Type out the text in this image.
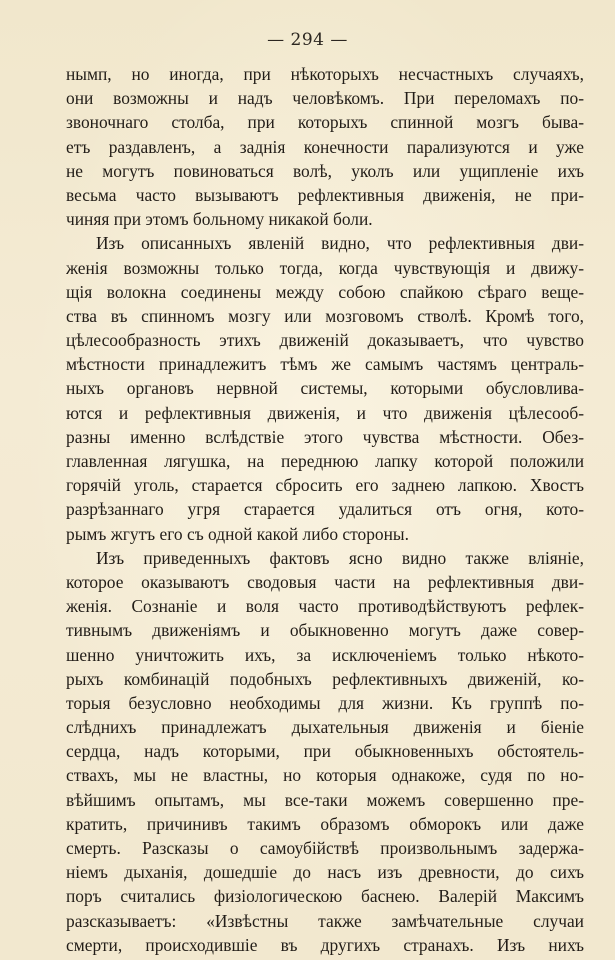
— 294 —
нымп, но иногда, при нѣкоторыхъ несчастныхъ случаяхъ,
они возможны и надъ человѣкомъ. При переломахъ по-
звоночнаго столба, при которыхъ спинной мозгъ быва-
етъ раздавленъ, а заднія конечности парализуются и уже
не могутъ повиноваться волѣ, уколъ или ущипленіе ихъ
весьма часто вызываютъ рефлективныя движенія, не при-
чиняя при этомъ больному никакой боли.
Изъ описанныхъ явленій видно, что рефлективныя дви-
женія возможны только тогда, когда чувствующія и движу-
щія волокна соединены между собою спайкою сѣраго веще-
ства въ спинномъ мозгу или мозговомъ стволѣ. Кромѣ того,
цѣлесообразность этихъ движеній доказываетъ, что чувство
мѣстности принадлежитъ тѣмъ же самымъ частямъ централь-
ныхъ органовъ нервной системы, которыми обусловлива-
ются и рефлективныя движенія, и что движенія цѣлесооб-
разны именно вслѣдствіе этого чувства мѣстности. Обез-
главленная лягушка, на переднюю лапку которой положили
горячій уголь, старается сбросить его заднею лапкою. Хвостъ
разрѣзаннаго угря старается удалиться отъ огня, кото-
рымъ жгутъ его съ одной какой либо стороны.
Изъ приведенныхъ фактовъ ясно видно также вліяніе,
которое оказываютъ сводовыя части на рефлективныя дви-
женія. Сознаніе и воля часто противодѣйствуютъ рефлек-
тивнымъ движеніямъ и обыкновенно могутъ даже совер-
шенно уничтожить ихъ, за исключеніемъ только нѣкото-
рыхъ комбинацій подобныхъ рефлективныхъ движеній, ко-
торыя безусловно необходимы для жизни. Къ группѣ по-
слѣднихъ принадлежатъ дыхательныя движенія и біеніе
сердца, надъ которыми, при обыкновенныхъ обстоятель-
ствахъ, мы не властны, но которыя однакоже, судя по но-
вѣйшимъ опытамъ, мы все-таки можемъ совершенно пре-
кратить, причинивъ такимъ образомъ обморокъ или даже
смерть. Разсказы о самоубійствѣ произвольнымъ задержа-
ніемъ дыханія, дошедшіе до насъ изъ древности, до сихъ
поръ считались физіологическою баснею. Валерій Максимъ
разсказываетъ: «Извѣстны также замѣчательные случаи
смерти, происходившіе въ другихъ странахъ. Изъ нихъ
